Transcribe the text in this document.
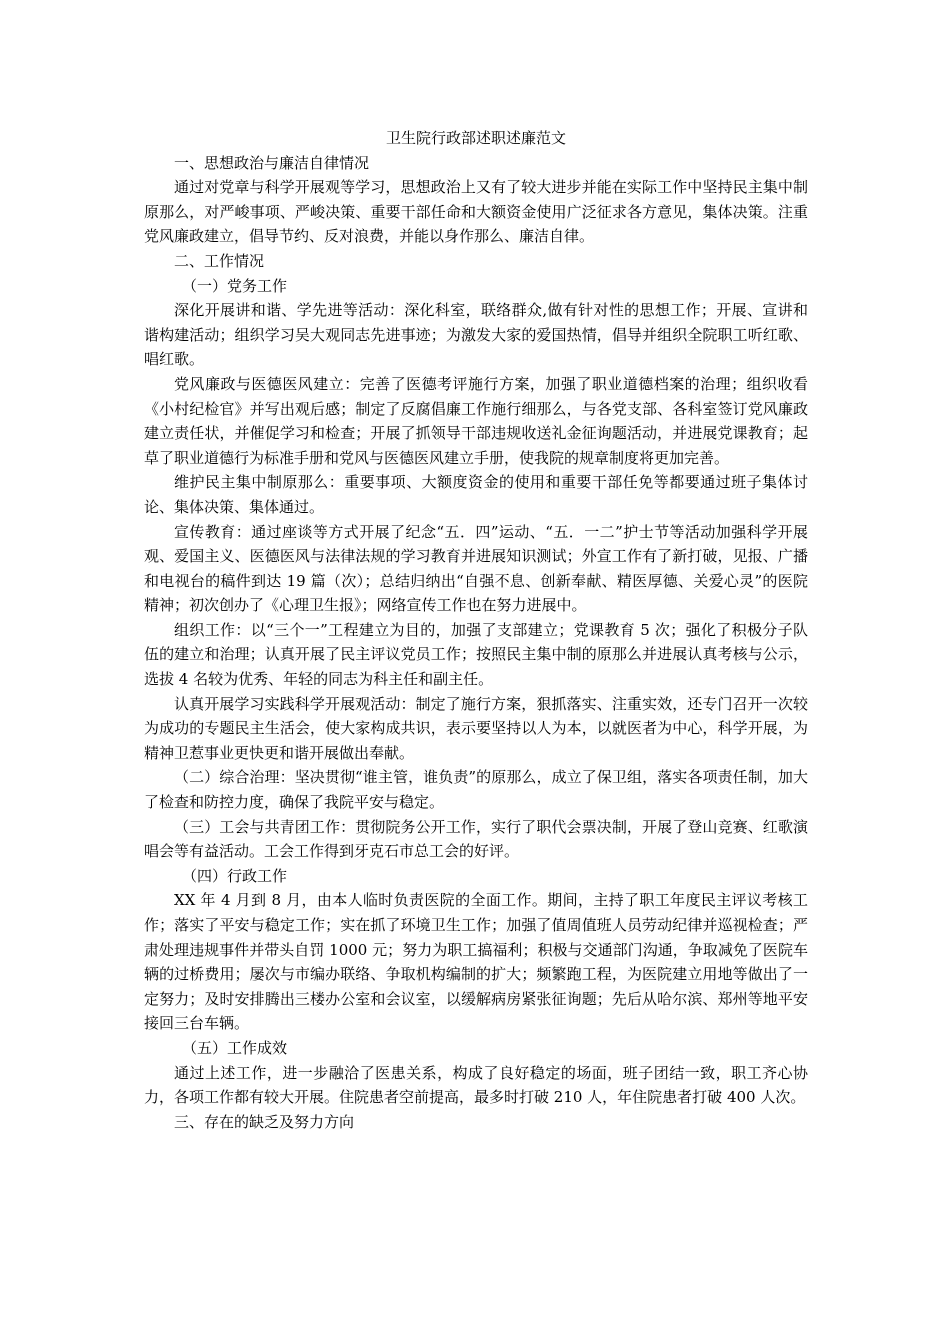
卫生院行政部述职述廉范文

一、思想政治与廉洁自律情况

通过对党章与科学开展观等学习，思想政治上又有了较大进步并能在实际工作中坚持民主集中制原那么，对严峻事项、严峻决策、重要干部任命和大额资金使用广泛征求各方意见，集体决策。注重党风廉政建立，倡导节约、反对浪费，并能以身作那么、廉洁自律。

二、工作情况

（一）党务工作

深化开展讲和谐、学先进等活动：深化科室，联络群众,做有针对性的思想工作；开展、宣讲和谐构建活动；组织学习吴大观同志先进事迹；为激发大家的爱国热情，倡导并组织全院职工听红歌、唱红歌。

党风廉政与医德医风建立：完善了医德考评施行方案，加强了职业道德档案的治理；组织收看《小村纪检官》并写出观后感；制定了反腐倡廉工作施行细那么，与各党支部、各科室签订党风廉政建立责任状，并催促学习和检查；开展了抓领导干部违规收送礼金征询题活动，并进展党课教育；起草了职业道德行为标准手册和党风与医德医风建立手册，使我院的规章制度将更加完善。

维护民主集中制原那么：重要事项、大额度资金的使用和重要干部任免等都要通过班子集体讨论、集体决策、集体通过。

宣传教育：通过座谈等方式开展了纪念“五．四”运动、“五．一二”护士节等活动加强科学开展观、爱国主义、医德医风与法律法规的学习教育并进展知识测试；外宣工作有了新打破，见报、广播和电视台的稿件到达 19 篇（次）；总结归纳出“自强不息、创新奉献、精医厚德、关爱心灵”的医院精神；初次创办了《心理卫生报》；网络宣传工作也在努力进展中。

组织工作：以“三个一”工程建立为目的，加强了支部建立；党课教育 5 次；强化了积极分子队伍的建立和治理；认真开展了民主评议党员工作；按照民主集中制的原那么并进展认真考核与公示，选拔 4 名较为优秀、年轻的同志为科主任和副主任。

认真开展学习实践科学开展观活动：制定了施行方案，狠抓落实、注重实效，还专门召开一次较为成功的专题民主生活会，使大家构成共识，表示要坚持以人为本，以就医者为中心，科学开展，为精神卫惹事业更快更和谐开展做出奉献。

（二）综合治理：坚决贯彻“谁主管，谁负责”的原那么，成立了保卫组，落实各项责任制，加大了检查和防控力度，确保了我院平安与稳定。

（三）工会与共青团工作：贯彻院务公开工作，实行了职代会票决制，开展了登山竞赛、红歌演唱会等有益活动。工会工作得到牙克石市总工会的好评。

（四）行政工作

XX 年 4 月到 8 月，由本人临时负责医院的全面工作。期间，主持了职工年度民主评议考核工作；落实了平安与稳定工作；实在抓了环境卫生工作；加强了值周值班人员劳动纪律并巡视检查；严肃处理违规事件并带头自罚 1000 元；努力为职工搞福利；积极与交通部门沟通，争取减免了医院车辆的过桥费用；屡次与市编办联络、争取机构编制的扩大；频繁跑工程，为医院建立用地等做出了一定努力；及时安排腾出三楼办公室和会议室，以缓解病房紧张征询题；先后从哈尔滨、郑州等地平安接回三台车辆。

（五）工作成效

通过上述工作，进一步融洽了医患关系，构成了良好稳定的场面，班子团结一致，职工齐心协力，各项工作都有较大开展。住院患者空前提高，最多时打破 210 人，年住院患者打破 400 人次。

三、存在的缺乏及努力方向
